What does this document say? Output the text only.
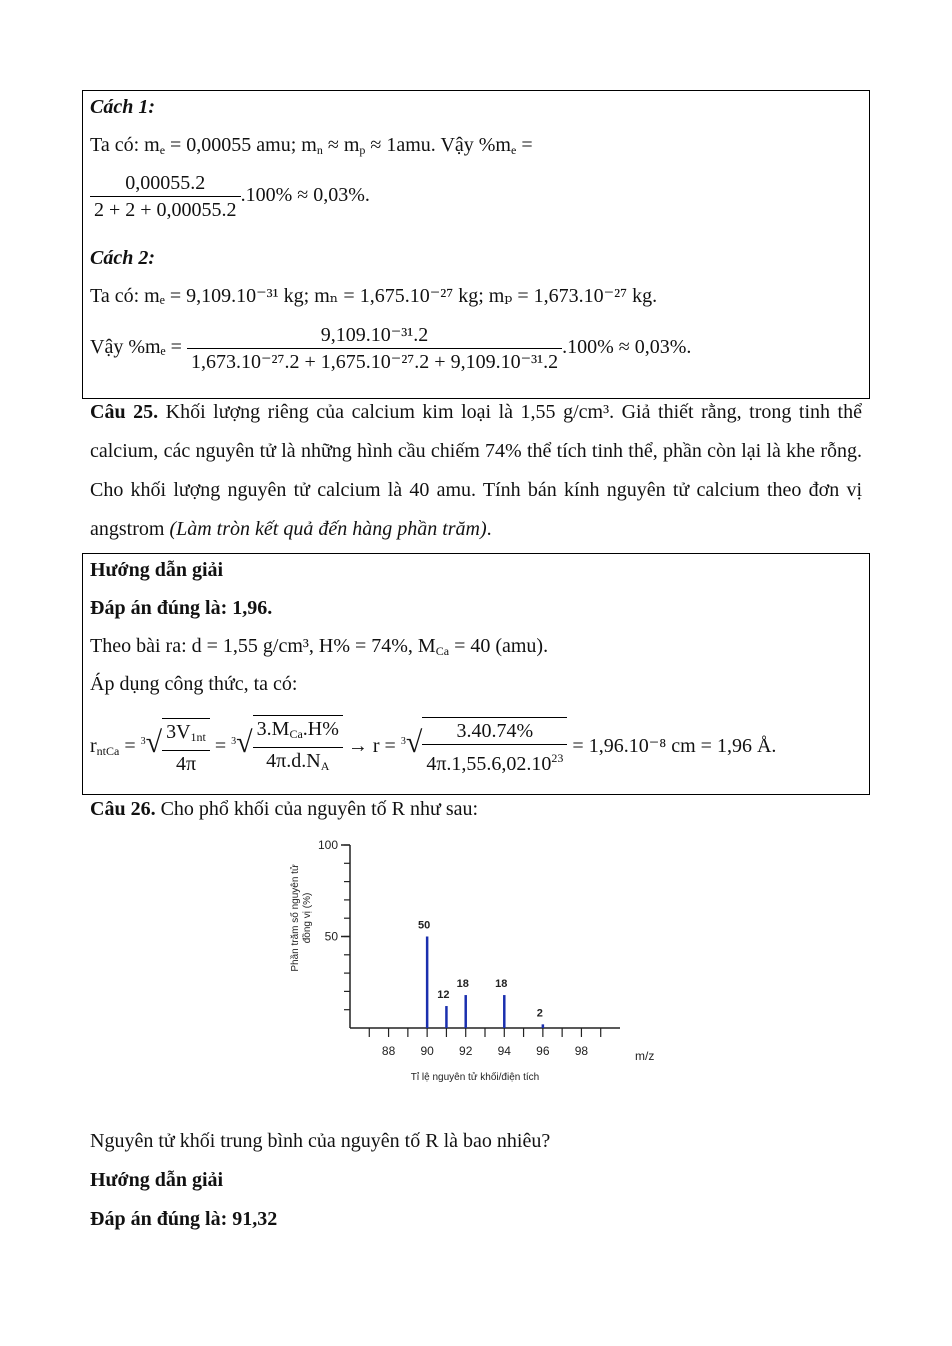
Cách 1:
Ta có: $m_e = 0,00055$ amu; $m_n \approx m_p \approx 1amu$. Vậy $\%m_e$ =
$\frac{0,00055.2}{2 + 2 + 0,00055.2} .100\% \approx 0,03\%$.
Cách 2:
Ta có: mₑ = 9,109.10⁻³¹ kg; mₙ = 1,675.10⁻²⁷ kg; mₚ = 1,673.10⁻²⁷ kg.
Vậy $\%m_e = \frac{\text{9,109.10⁻³¹.2}}{\text{1,673.10⁻²⁷.2 + 1,675.10⁻²⁷.2 + 9,109.10⁻³¹.2}} .100\% \approx 0,03\%$.
Câu 25. Khối lượng riêng của calcium kim loại là 1,55 g/cm³. Giả thiết rằng, trong tinh thể calcium, các nguyên tử là những hình cầu chiếm 74% thể tích tinh thể, phần còn lại là khe rỗng. Cho khối lượng nguyên tử calcium là 40 amu. Tính bán kính nguyên tử calcium theo đơn vị angstrom (Làm tròn kết quả đến hàng phần trăm).
Hướng dẫn giải
Đáp án đúng là: 1,96.
Theo bài ra: d = 1,55 g/cm³, H% = 74%, $M_{Ca} = 40$ (amu).
Áp dụng công thức, ta có:
$r_{ntCa} = ^3√ \frac{3V_{1nt}}{4\pi} = ^3√ \frac{3.M_{Ca}.H\%}{4\pi.d.N_A} \to r = ^3√ \frac{3.40.74\%}{4\pi.1,55.6,02.10^{23}} = 1,96.10^{-8}$ cm = 1,96 Å.
Câu 26. Cho phổ khối của nguyên tố R như sau:
50
100
88 90 92 94 96 98
50
12
18 18
2
m/z
Tỉ lệ nguyên tử khối/điện tích
Phần trăm số nguyên tửđồng vị (%)
Nguyên tử khối trung bình của nguyên tố R là bao nhiêu?
Hướng dẫn giải
Đáp án đúng là: 91,32
